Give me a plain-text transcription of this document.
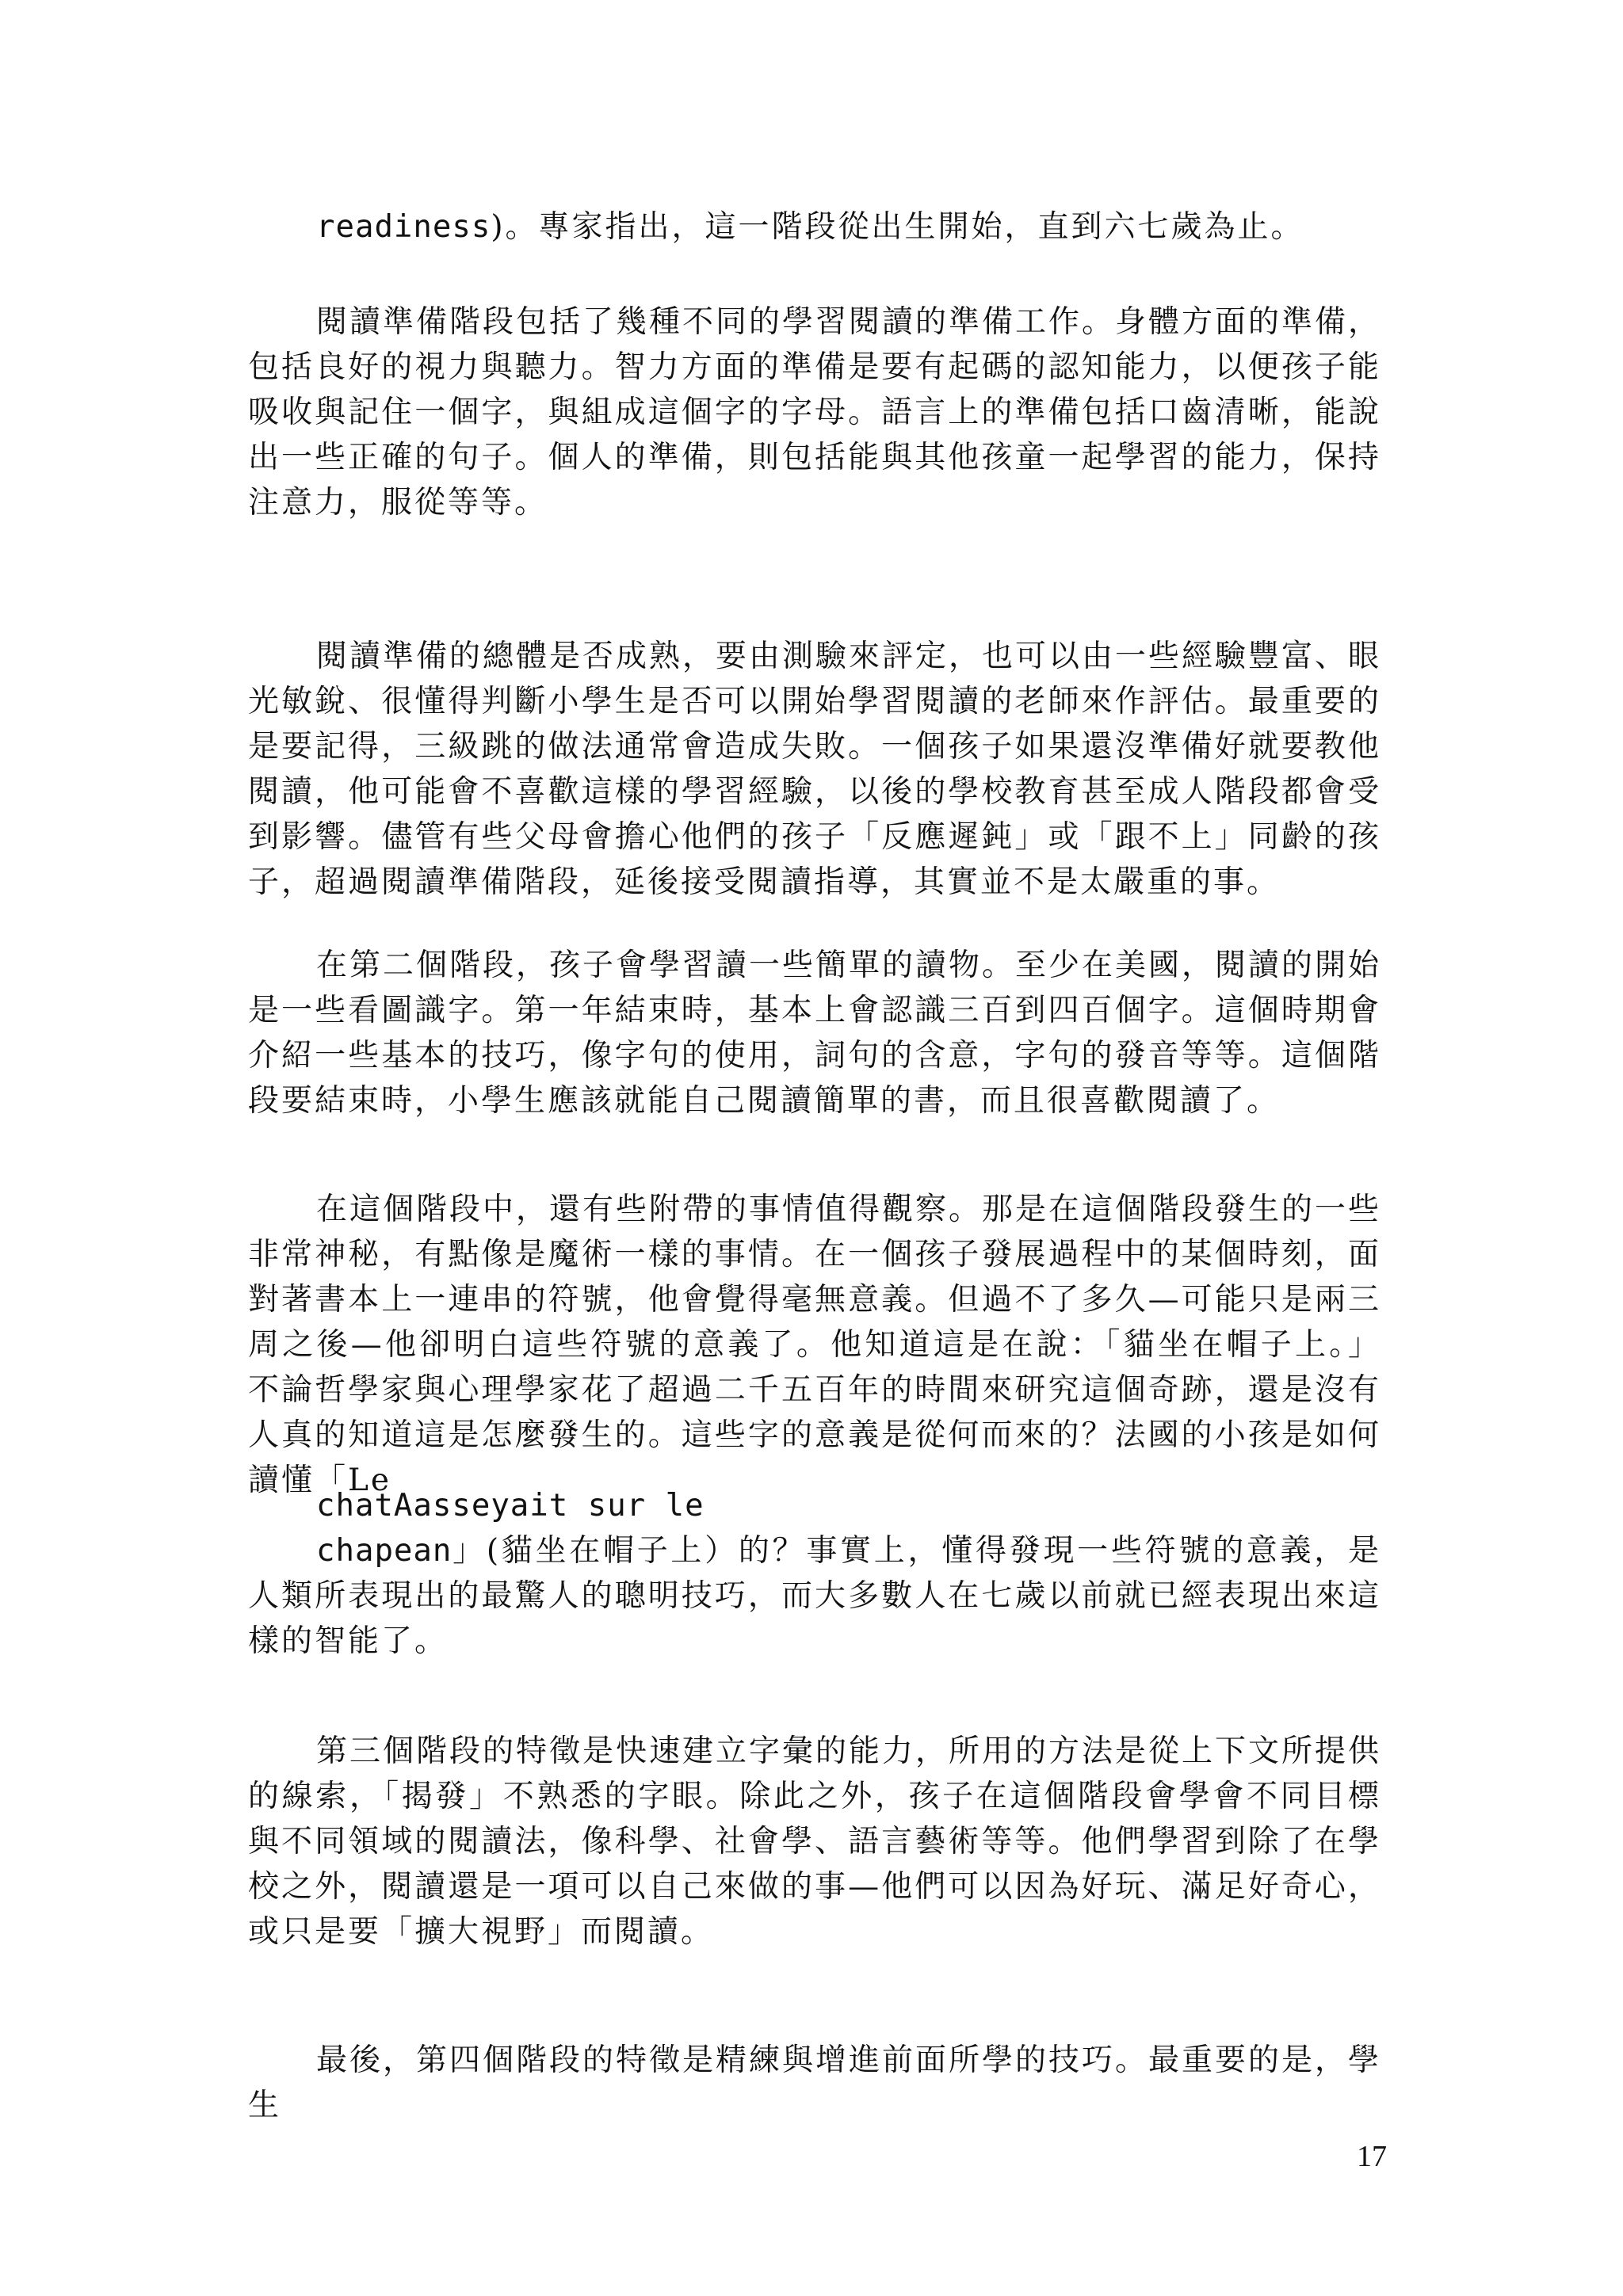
readiness)。專家指出，這一階段從出生開始，直到六七歲為止。

閱讀準備階段包括了幾種不同的學習閱讀的準備工作。身體方面的準備，包括良好的視力與聽力。智力方面的準備是要有起碼的認知能力，以便孩子能吸收與記住一個字，與組成這個字的字母。語言上的準備包括口齒清晰，能說出一些正確的句子。個人的準備，則包括能與其他孩童一起學習的能力，保持注意力，服從等等。

閱讀準備的總體是否成熟，要由測驗來評定，也可以由一些經驗豐富、眼光敏銳、很懂得判斷小學生是否可以開始學習閱讀的老師來作評估。最重要的是要記得，三級跳的做法通常會造成失敗。一個孩子如果還沒準備好就要教他閱讀，他可能會不喜歡這樣的學習經驗，以後的學校教育甚至成人階段都會受到影響。儘管有些父母會擔心他們的孩子「反應遲鈍」或「跟不上」同齡的孩子，超過閱讀準備階段，延後接受閱讀指導，其實並不是太嚴重的事。

在第二個階段，孩子會學習讀一些簡單的讀物。至少在美國，閱讀的開始是一些看圖識字。第一年結束時，基本上會認識三百到四百個字。這個時期會介紹一些基本的技巧，像字句的使用，詞句的含意，字句的發音等等。這個階段要結束時，小學生應該就能自己閱讀簡單的書，而且很喜歡閱讀了。

在這個階段中，還有些附帶的事情值得觀察。那是在這個階段發生的一些非常神秘，有點像是魔術一樣的事情。在一個孩子發展過程中的某個時刻，面對著書本上一連串的符號，他會覺得毫無意義。但過不了多久—可能只是兩三周之後—他卻明白這些符號的意義了。他知道這是在說：「貓坐在帽子上。」不論哲學家與心理學家花了超過二千五百年的時間來研究這個奇跡，還是沒有人真的知道這是怎麼發生的。這些字的意義是從何而來的？法國的小孩是如何讀懂「Le

chatAasseyait sur le

chapean」(貓坐在帽子上）的？事實上，懂得發現一些符號的意義，是人類所表現出的最驚人的聰明技巧，而大多數人在七歲以前就已經表現出來這樣的智能了。

第三個階段的特徵是快速建立字彙的能力，所用的方法是從上下文所提供的線索，「揭發」不熟悉的字眼。除此之外，孩子在這個階段會學會不同目標與不同領域的閱讀法，像科學、社會學、語言藝術等等。他們學習到除了在學校之外，閱讀還是一項可以自己來做的事—他們可以因為好玩、滿足好奇心，或只是要「擴大視野」而閱讀。

最後，第四個階段的特徵是精練與增進前面所學的技巧。最重要的是，學生

17
